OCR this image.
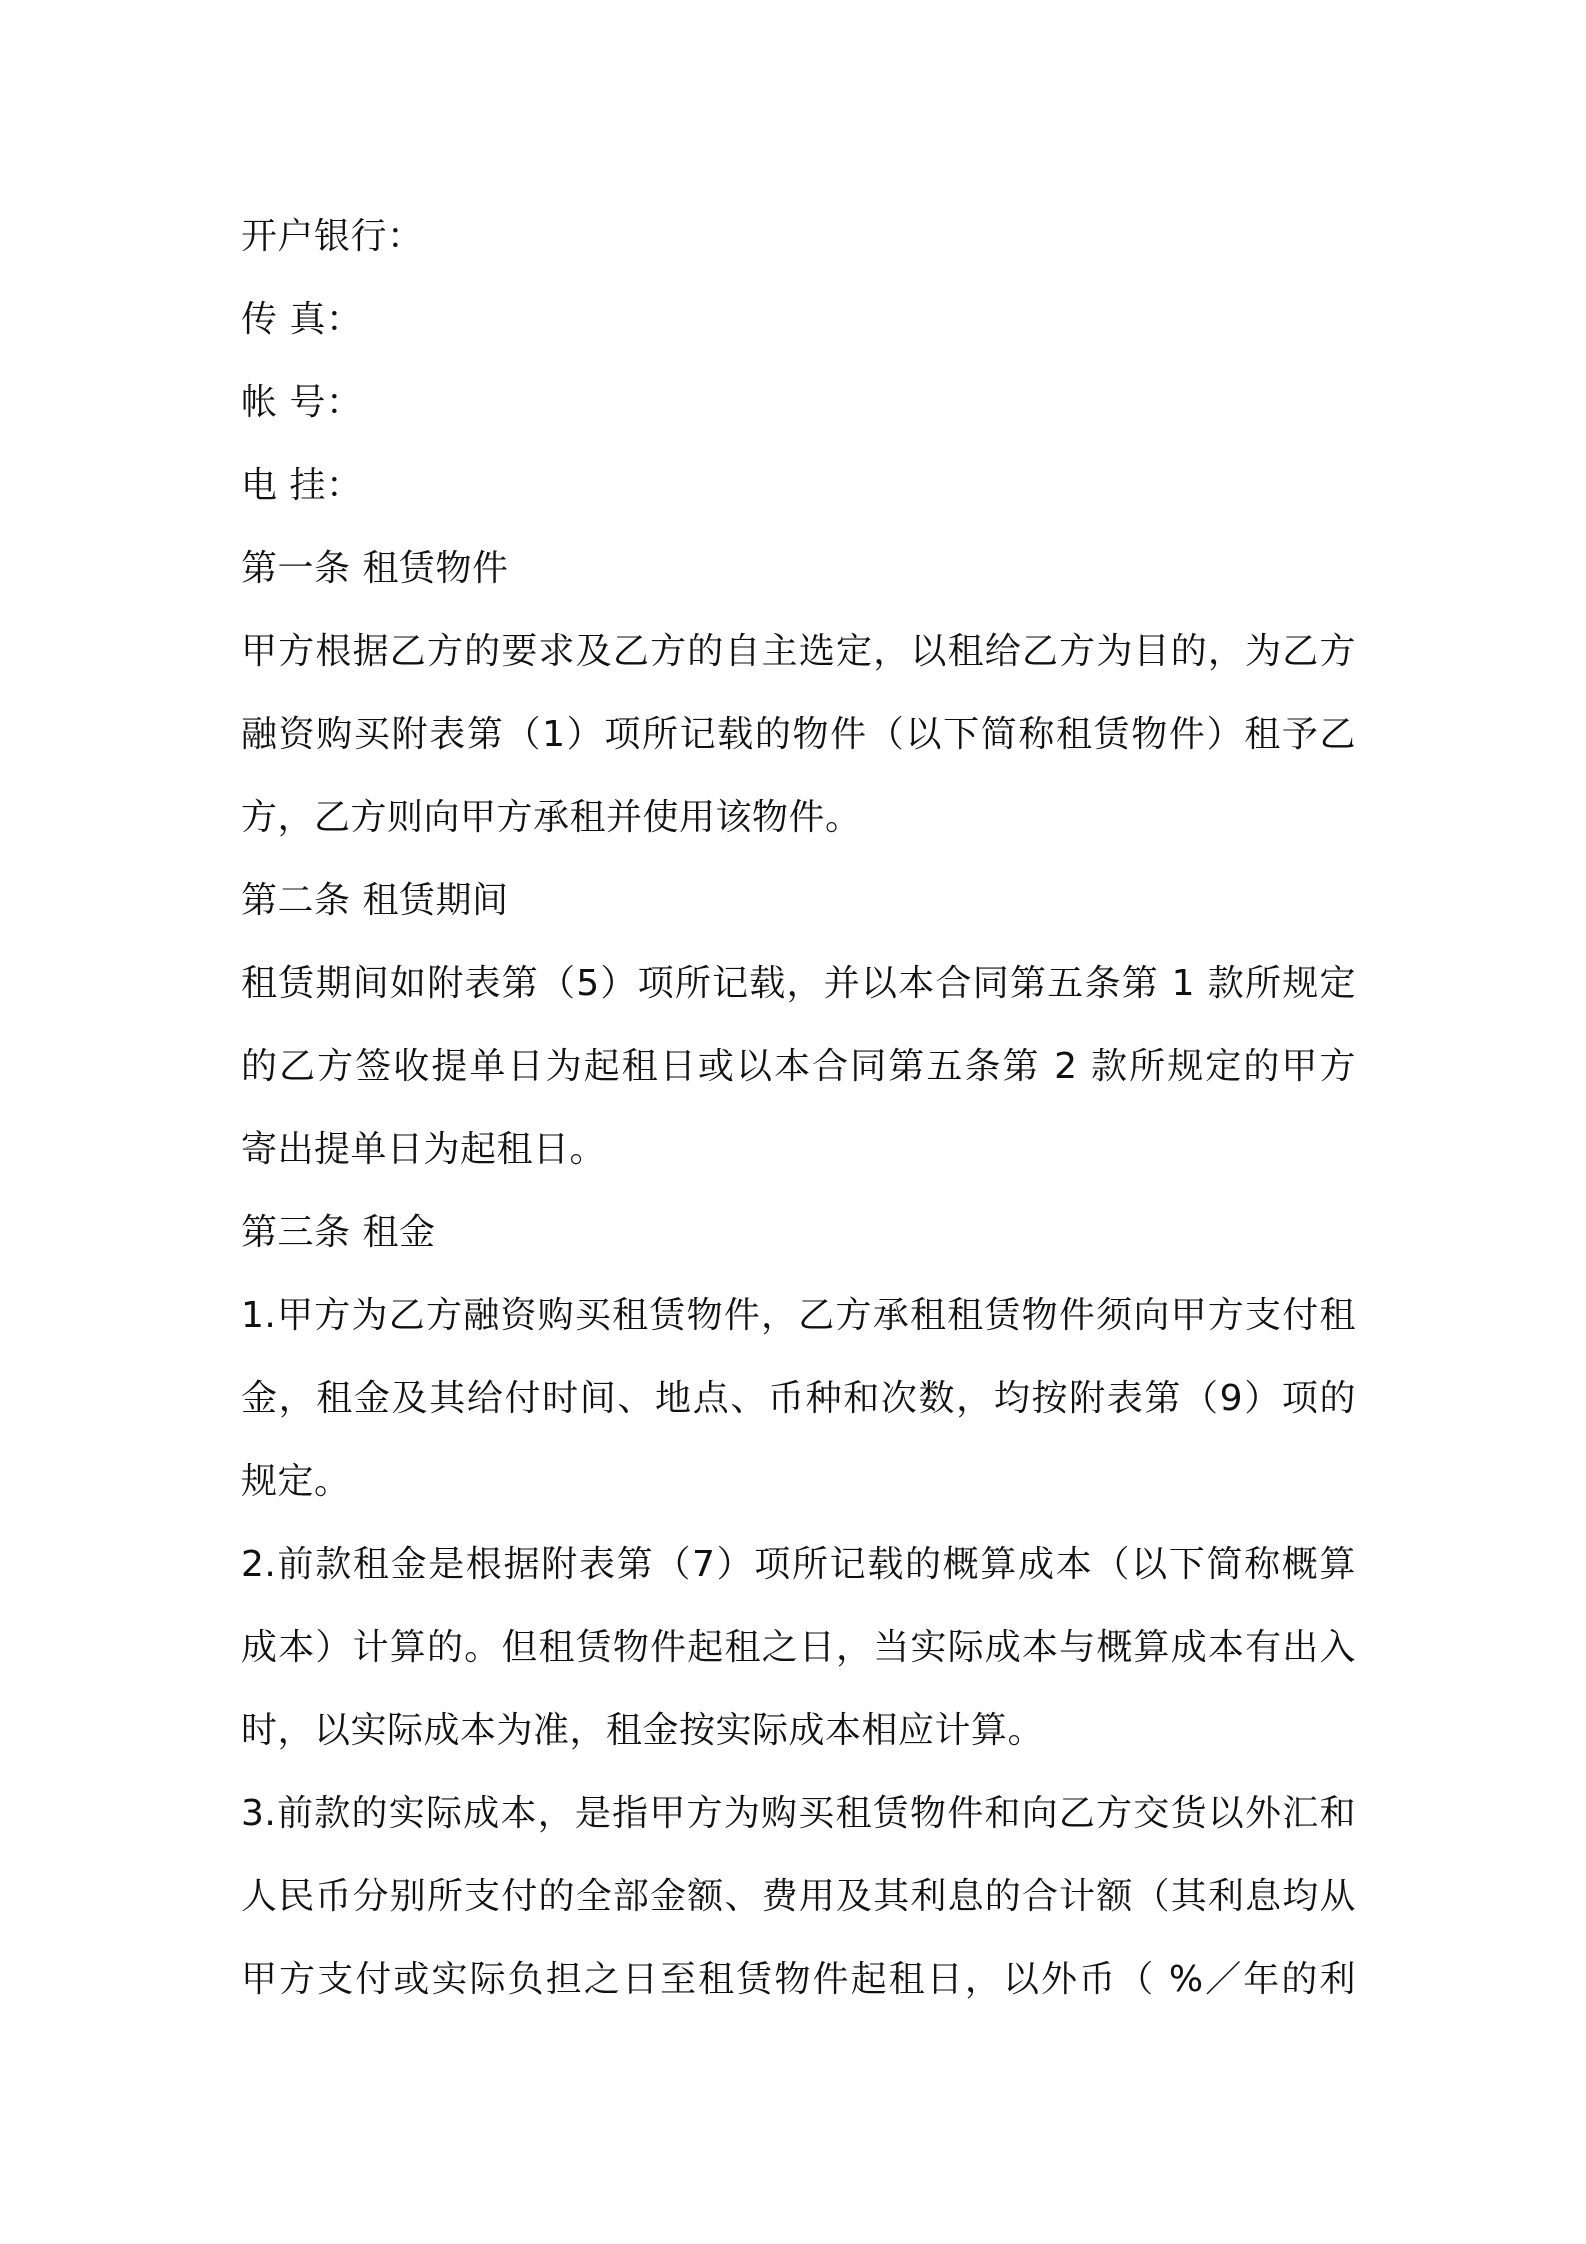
开户银行：
传 真：
帐 号：
电 挂：
第一条 租赁物件
甲方根据乙方的要求及乙方的自主选定，以租给乙方为目的，为乙方
融资购买附表第（1）项所记载的物件（以下简称租赁物件）租予乙
方，乙方则向甲方承租并使用该物件。
第二条 租赁期间
租赁期间如附表第（5）项所记载，并以本合同第五条第 1 款所规定
的乙方签收提单日为起租日或以本合同第五条第 2 款所规定的甲方
寄出提单日为起租日。
第三条 租金
1.甲方为乙方融资购买租赁物件，乙方承租租赁物件须向甲方支付租
金，租金及其给付时间、地点、币种和次数，均按附表第（9）项的
规定。
2.前款租金是根据附表第（7）项所记载的概算成本（以下简称概算
成本）计算的。但租赁物件起租之日，当实际成本与概算成本有出入
时，以实际成本为准，租金按实际成本相应计算。
3.前款的实际成本，是指甲方为购买租赁物件和向乙方交货以外汇和
人民币分别所支付的全部金额、费用及其利息的合计额（其利息均从
甲方支付或实际负担之日至租赁物件起租日，以外币（ %／年的利
